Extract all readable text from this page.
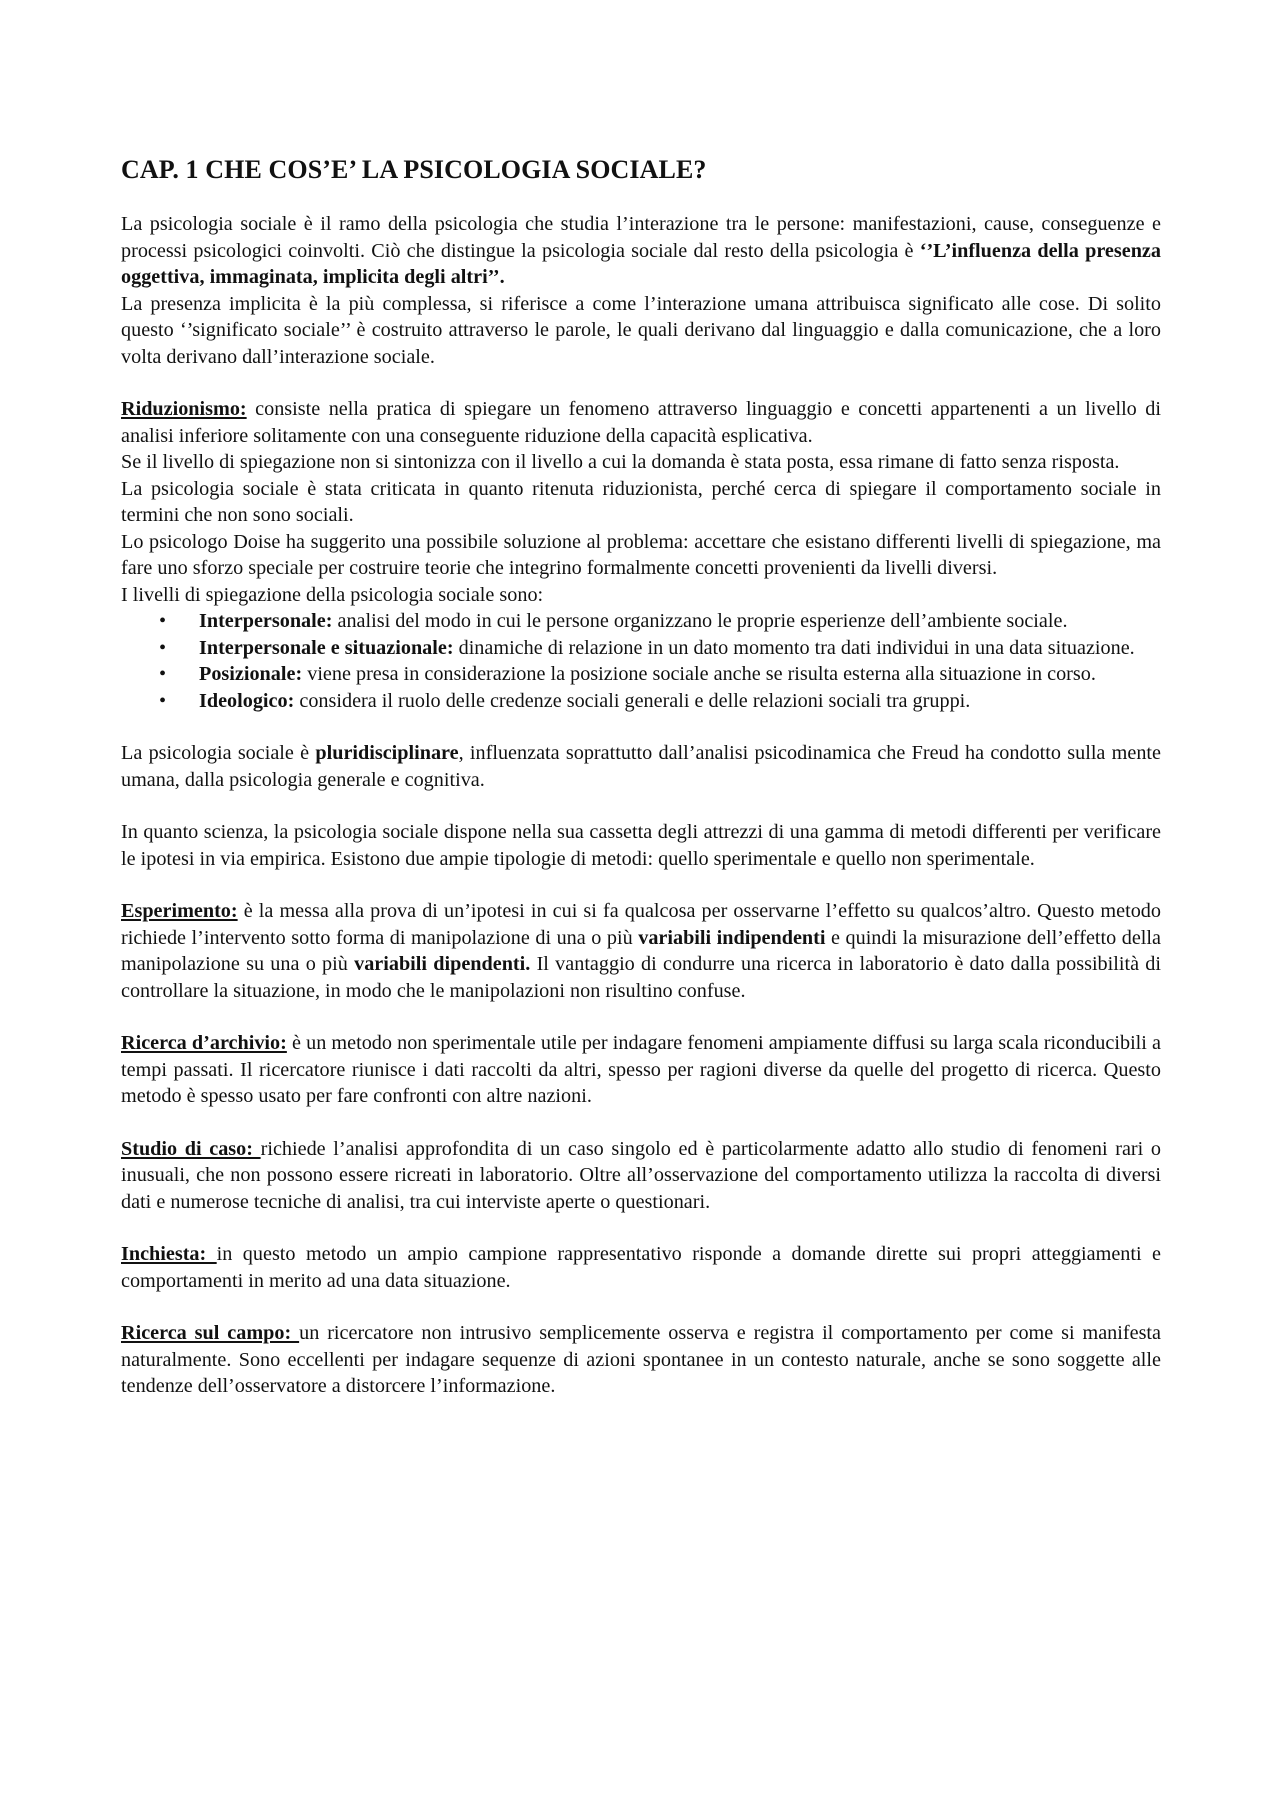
CAP. 1 CHE COS’E’ LA PSICOLOGIA SOCIALE?

La psicologia sociale è il ramo della psicologia che studia l’interazione tra le persone: manifestazioni, cause, conseguenze e processi psicologici coinvolti. Ciò che distingue la psicologia sociale dal resto della psicologia è ‘’L’influenza della presenza oggettiva, immaginata, implicita degli altri’’.

La presenza implicita è la più complessa, si riferisce a come l’interazione umana attribuisca significato alle cose. Di solito questo ‘’significato sociale’’ è costruito attraverso le parole, le quali derivano dal linguaggio e dalla comunicazione, che a loro volta derivano dall’interazione sociale.

Riduzionismo: consiste nella pratica di spiegare un fenomeno attraverso linguaggio e concetti appartenenti a un livello di analisi inferiore solitamente con una conseguente riduzione della capacità esplicativa.

Se il livello di spiegazione non si sintonizza con il livello a cui la domanda è stata posta, essa rimane di fatto senza risposta.

La psicologia sociale è stata criticata in quanto ritenuta riduzionista, perché cerca di spiegare il comportamento sociale in termini che non sono sociali.

Lo psicologo Doise ha suggerito una possibile soluzione al problema: accettare che esistano differenti livelli di spiegazione, ma fare uno sforzo speciale per costruire teorie che integrino formalmente concetti provenienti da livelli diversi.

I livelli di spiegazione della psicologia sociale sono:

• Interpersonale: analisi del modo in cui le persone organizzano le proprie esperienze dell’ambiente sociale.
• Interpersonale e situazionale: dinamiche di relazione in un dato momento tra dati individui in una data situazione.
• Posizionale: viene presa in considerazione la posizione sociale anche se risulta esterna alla situazione in corso.
• Ideologico: considera il ruolo delle credenze sociali generali e delle relazioni sociali tra gruppi.

La psicologia sociale è pluridisciplinare, influenzata soprattutto dall’analisi psicodinamica che Freud ha condotto sulla mente umana, dalla psicologia generale e cognitiva.

In quanto scienza, la psicologia sociale dispone nella sua cassetta degli attrezzi di una gamma di metodi differenti per verificare le ipotesi in via empirica. Esistono due ampie tipologie di metodi: quello sperimentale e quello non sperimentale.

Esperimento: è la messa alla prova di un’ipotesi in cui si fa qualcosa per osservarne l’effetto su qualcos’altro. Questo metodo richiede l’intervento sotto forma di manipolazione di una o più variabili indipendenti e quindi la misurazione dell’effetto della manipolazione su una o più variabili dipendenti. Il vantaggio di condurre una ricerca in laboratorio è dato dalla possibilità di controllare la situazione, in modo che le manipolazioni non risultino confuse.

Ricerca d’archivio: è un metodo non sperimentale utile per indagare fenomeni ampiamente diffusi su larga scala riconducibili a tempi passati. Il ricercatore riunisce i dati raccolti da altri, spesso per ragioni diverse da quelle del progetto di ricerca. Questo metodo è spesso usato per fare confronti con altre nazioni.

Studio di caso: richiede l’analisi approfondita di un caso singolo ed è particolarmente adatto allo studio di fenomeni rari o inusuali, che non possono essere ricreati in laboratorio. Oltre all’osservazione del comportamento utilizza la raccolta di diversi dati e numerose tecniche di analisi, tra cui interviste aperte o questionari.

Inchiesta: in questo metodo un ampio campione rappresentativo risponde a domande dirette sui propri atteggiamenti e comportamenti in merito ad una data situazione.

Ricerca sul campo: un ricercatore non intrusivo semplicemente osserva e registra il comportamento per come si manifesta naturalmente. Sono eccellenti per indagare sequenze di azioni spontanee in un contesto naturale, anche se sono soggette alle tendenze dell’osservatore a distorcere l’informazione.
